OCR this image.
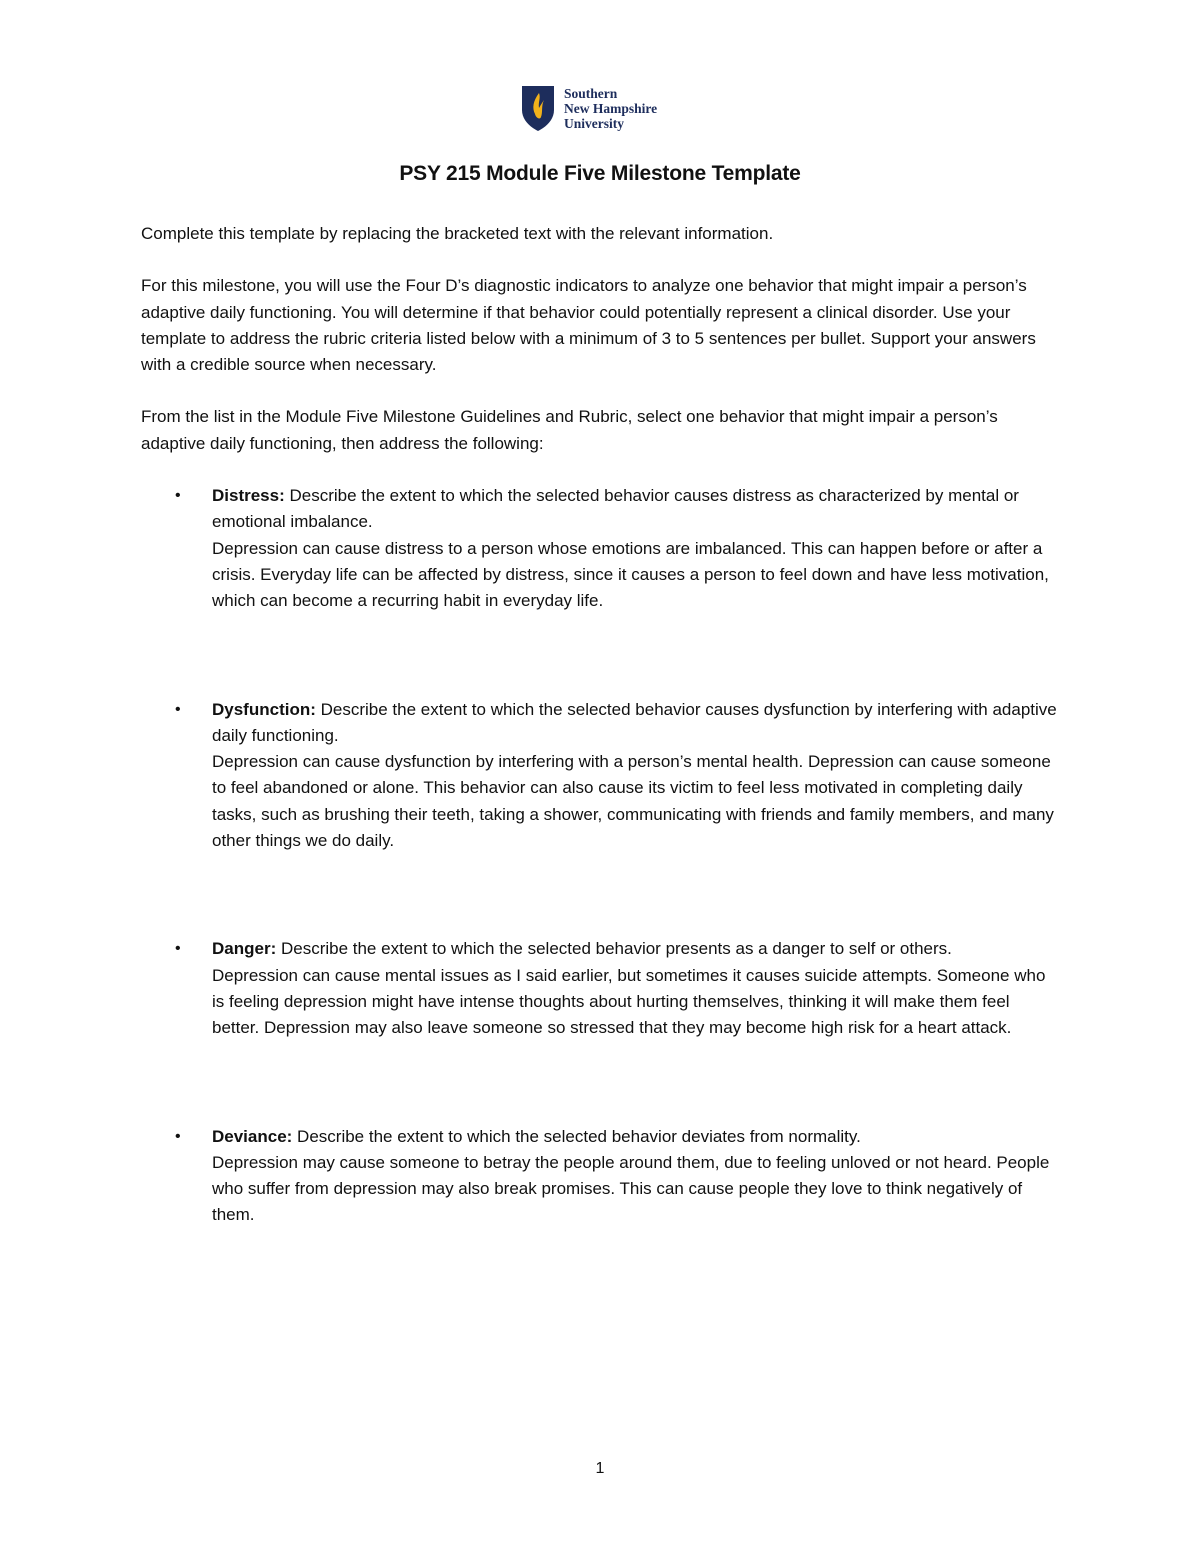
Southern
New Hampshire
University
PSY 215 Module Five Milestone Template

Complete this template by replacing the bracketed text with the relevant information.

For this milestone, you will use the Four D’s diagnostic indicators to analyze one behavior that might impair a person’s adaptive daily functioning. You will determine if that behavior could potentially represent a clinical disorder. Use your template to address the rubric criteria listed below with a minimum of 3 to 5 sentences per bullet. Support your answers with a credible source when necessary.

From the list in the Module Five Milestone Guidelines and Rubric, select one behavior that might impair a person’s adaptive daily functioning, then address the following:

• Distress: Describe the extent to which the selected behavior causes distress as characterized by mental or emotional imbalance.
Depression can cause distress to a person whose emotions are imbalanced. This can happen before or after a crisis. Everyday life can be affected by distress, since it causes a person to feel down and have less motivation, which can become a recurring habit in everyday life.
• Dysfunction: Describe the extent to which the selected behavior causes dysfunction by interfering with adaptive daily functioning.
Depression can cause dysfunction by interfering with a person’s mental health. Depression can cause someone to feel abandoned or alone. This behavior can also cause its victim to feel less motivated in completing daily tasks, such as brushing their teeth, taking a shower, communicating with friends and family members, and many other things we do daily.
• Danger: Describe the extent to which the selected behavior presents as a danger to self or others.
Depression can cause mental issues as I said earlier, but sometimes it causes suicide attempts. Someone who is feeling depression might have intense thoughts about hurting themselves, thinking it will make them feel better. Depression may also leave someone so stressed that they may become high risk for a heart attack.
• Deviance: Describe the extent to which the selected behavior deviates from normality.
Depression may cause someone to betray the people around them, due to feeling unloved or not heard. People who suffer from depression may also break promises. This can cause people they love to think negatively of them.
1
